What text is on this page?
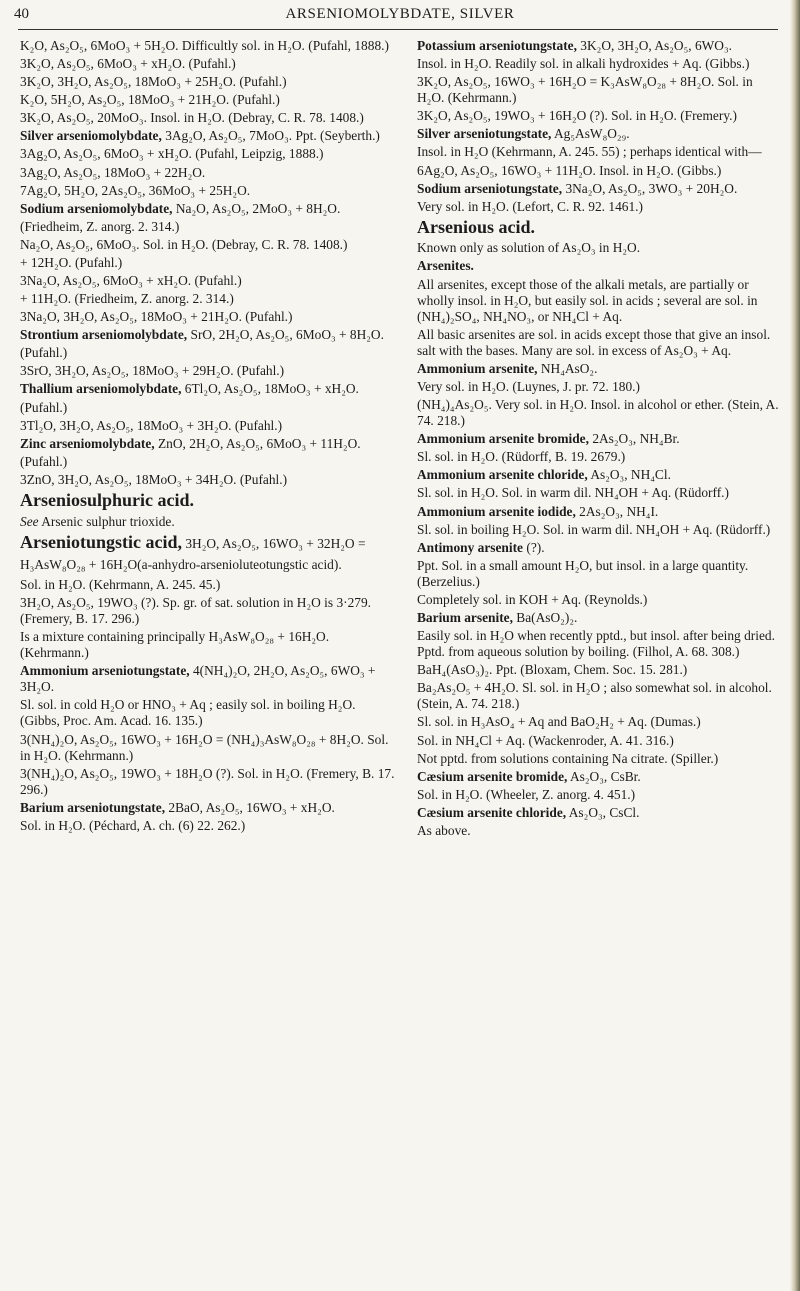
40	ARSENIOMOLYBDATE, SILVER

K₂O, As₂O₅, 6MoO₃ + 5H₂O. Difficultly sol. in H₂O. (Pufahl, 1888.)

3K₂O, As₂O₅, 6MoO₃ + xH₂O. (Pufahl.)

3K₂O, 3H₂O, As₂O₅, 18MoO₃ + 25H₂O. (Pufahl.)

K₂O, 5H₂O, As₂O₅, 18MoO₃ + 21H₂O. (Pufahl.)

3K₂O, As₂O₅, 20MoO₃. Insol. in H₂O. (Debray, C. R. 78. 1408.)

Silver arseniomolybdate, 3Ag₂O, As₂O₅, 7MoO₃. Ppt. (Seyberth.)

3Ag₂O, As₂O₅, 6MoO₃ + xH₂O. (Pufahl, Leipzig, 1888.)

3Ag₂O, As₂O₅, 18MoO₃ + 22H₂O.

7Ag₂O, 5H₂O, 2As₂O₅, 36MoO₃ + 25H₂O.

Sodium arseniomolybdate, Na₂O, As₂O₅, 2MoO₃ + 8H₂O.

(Friedheim, Z. anorg. 2. 314.)

Na₂O, As₂O₅, 6MoO₃. Sol. in H₂O. (Debray, C. R. 78. 1408.)

+ 12H₂O. (Pufahl.)

3Na₂O, As₂O₅, 6MoO₃ + xH₂O. (Pufahl.)

+ 11H₂O. (Friedheim, Z. anorg. 2. 314.)

3Na₂O, 3H₂O, As₂O₅, 18MoO₃ + 21H₂O. (Pufahl.)

Strontium arseniomolybdate, SrO, 2H₂O, As₂O₅, 6MoO₃ + 8H₂O.

(Pufahl.)

3SrO, 3H₂O, As₂O₅, 18MoO₃ + 29H₂O. (Pufahl.)

Thallium arseniomolybdate, 6Tl₂O, As₂O₅, 18MoO₃ + xH₂O.

(Pufahl.)

3Tl₂O, 3H₂O, As₂O₅, 18MoO₃ + 3H₂O. (Pufahl.)

Zinc arseniomolybdate, ZnO, 2H₂O, As₂O₅, 6MoO₃ + 11H₂O.

(Pufahl.)

3ZnO, 3H₂O, As₂O₅, 18MoO₃ + 34H₂O. (Pufahl.)

Arseniosulphuric acid.

See Arsenic sulphur trioxide.

Arseniotungstic acid, 3H₂O, As₂O₅, 16WO₃ + 32H₂O = H₃AsW₈O₂₈ + 16H₂O(a-anhydro-arsenioluteotungstic acid).

Sol. in H₂O. (Kehrmann, A. 245. 45.)

3H₂O, As₂O₅, 19WO₃ (?). Sp. gr. of sat. solution in H₂O is 3·279. (Fremery, B. 17. 296.)

Is a mixture containing principally H₃AsW₈O₂₈ + 16H₂O. (Kehrmann.)

Ammonium arseniotungstate, 4(NH₄)₂O, 2H₂O, As₂O₅, 6WO₃ + 3H₂O.

Sl. sol. in cold H₂O or HNO₃ + Aq ; easily sol. in boiling H₂O. (Gibbs, Proc. Am. Acad. 16. 135.)

3(NH₄)₂O, As₂O₅, 16WO₃ + 16H₂O = (NH₄)₃AsW₈O₂₈ + 8H₂O. Sol. in H₂O. (Kehrmann.)

3(NH₄)₂O, As₂O₅, 19WO₃ + 18H₂O (?). Sol. in H₂O. (Fremery, B. 17. 296.)

Barium arseniotungstate, 2BaO, As₂O₅, 16WO₃ + xH₂O.

Sol. in H₂O. (Péchard, A. ch. (6) 22. 262.)

Potassium arseniotungstate, 3K₂O, 3H₂O, As₂O₅, 6WO₃.

Insol. in H₂O. Readily sol. in alkali hydroxides + Aq. (Gibbs.)

3K₂O, As₂O₅, 16WO₃ + 16H₂O = K₃AsW₈O₂₈ + 8H₂O. Sol. in H₂O. (Kehrmann.)

3K₂O, As₂O₅, 19WO₃ + 16H₂O (?). Sol. in H₂O. (Fremery.)

Silver arseniotungstate, Ag₅AsW₈O₂₉.

Insol. in H₂O (Kehrmann, A. 245. 55) ; perhaps identical with—

6Ag₂O, As₂O₅, 16WO₃ + 11H₂O. Insol. in H₂O. (Gibbs.)

Sodium arseniotungstate, 3Na₂O, As₂O₅, 3WO₃ + 20H₂O.

Very sol. in H₂O. (Lefort, C. R. 92. 1461.)

Arsenious acid.

Known only as solution of As₂O₃ in H₂O.

Arsenites.

All arsenites, except those of the alkali metals, are partially or wholly insol. in H₂O, but easily sol. in acids ; several are sol. in (NH₄)₂SO₄, NH₄NO₃, or NH₄Cl + Aq.

All basic arsenites are sol. in acids except those that give an insol. salt with the bases. Many are sol. in excess of As₂O₃ + Aq.

Ammonium arsenite, NH₄AsO₂.

Very sol. in H₂O. (Luynes, J. pr. 72. 180.)

(NH₄)₄As₂O₅. Very sol. in H₂O. Insol. in alcohol or ether. (Stein, A. 74. 218.)

Ammonium arsenite bromide, 2As₂O₃, NH₄Br.

Sl. sol. in H₂O. (Rüdorff, B. 19. 2679.)

Ammonium arsenite chloride, As₂O₃, NH₄Cl.

Sl. sol. in H₂O. Sol. in warm dil. NH₄OH + Aq. (Rüdorff.)

Ammonium arsenite iodide, 2As₂O₃, NH₄I.

Sl. sol. in boiling H₂O. Sol. in warm dil. NH₄OH + Aq. (Rüdorff.)

Antimony arsenite (?).

Ppt. Sol. in a small amount H₂O, but insol. in a large quantity. (Berzelius.)

Completely sol. in KOH + Aq. (Reynolds.)

Barium arsenite, Ba(AsO₂)₂.

Easily sol. in H₂O when recently pptd., but insol. after being dried. Pptd. from aqueous solution by boiling. (Filhol, A. 68. 308.)

BaH₄(AsO₃)₂. Ppt. (Bloxam, Chem. Soc. 15. 281.)

Ba₂As₂O₅ + 4H₂O. Sl. sol. in H₂O ; also somewhat sol. in alcohol. (Stein, A. 74. 218.)

Sl. sol. in H₃AsO₄ + Aq and BaO₂H₂ + Aq. (Dumas.)

Sol. in NH₄Cl + Aq. (Wackenroder, A. 41. 316.)

Not pptd. from solutions containing Na citrate. (Spiller.)

Cæsium arsenite bromide, As₂O₃, CsBr.

Sol. in H₂O. (Wheeler, Z. anorg. 4. 451.)

Cæsium arsenite chloride, As₂O₃, CsCl.

As above.
